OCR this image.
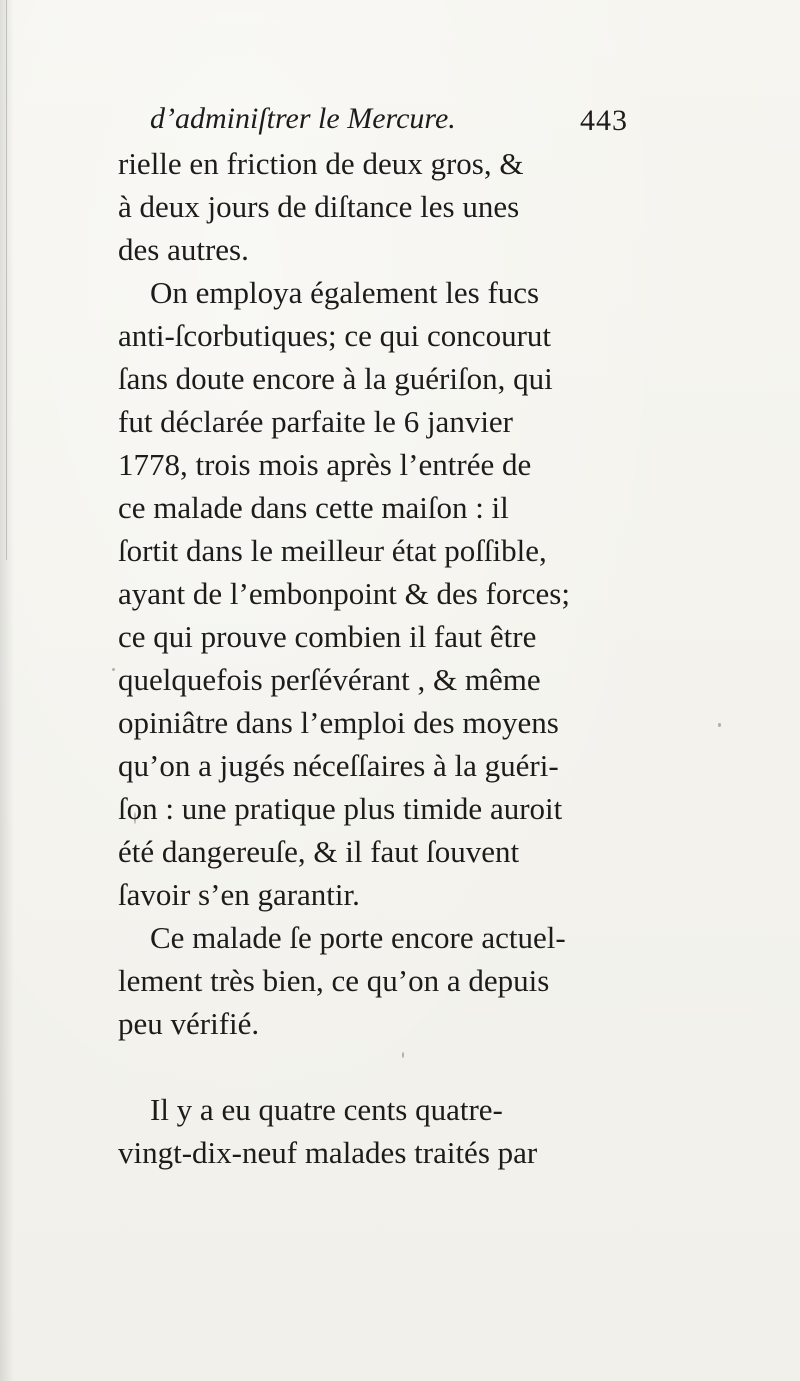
d’adminiſtrer le Mercure.	443
rielle en friction de deux gros, &
à deux jours de diſtance les unes
des autres.
On employa également les fucs
anti-ſcorbutiques; ce qui concourut
ſans doute encore à la guériſon, qui
fut déclarée parfaite le 6 janvier
1778, trois mois après l’entrée de
ce malade dans cette maiſon : il
ſortit dans le meilleur état poſſible,
ayant de l’embonpoint & des forces;
ce qui prouve combien il faut être
quelquefois perſévérant , & même
opiniâtre dans l’emploi des moyens
qu’on a jugés néceſſaires à la guéri-
ſon : une pratique plus timide auroit
été dangereuſe, & il faut ſouvent
ſavoir s’en garantir.
Ce malade ſe porte encore actuel-
lement très bien, ce qu’on a depuis
peu vérifié.
Il y a eu quatre cents quatre-
vingt-dix-neuf malades traités par
